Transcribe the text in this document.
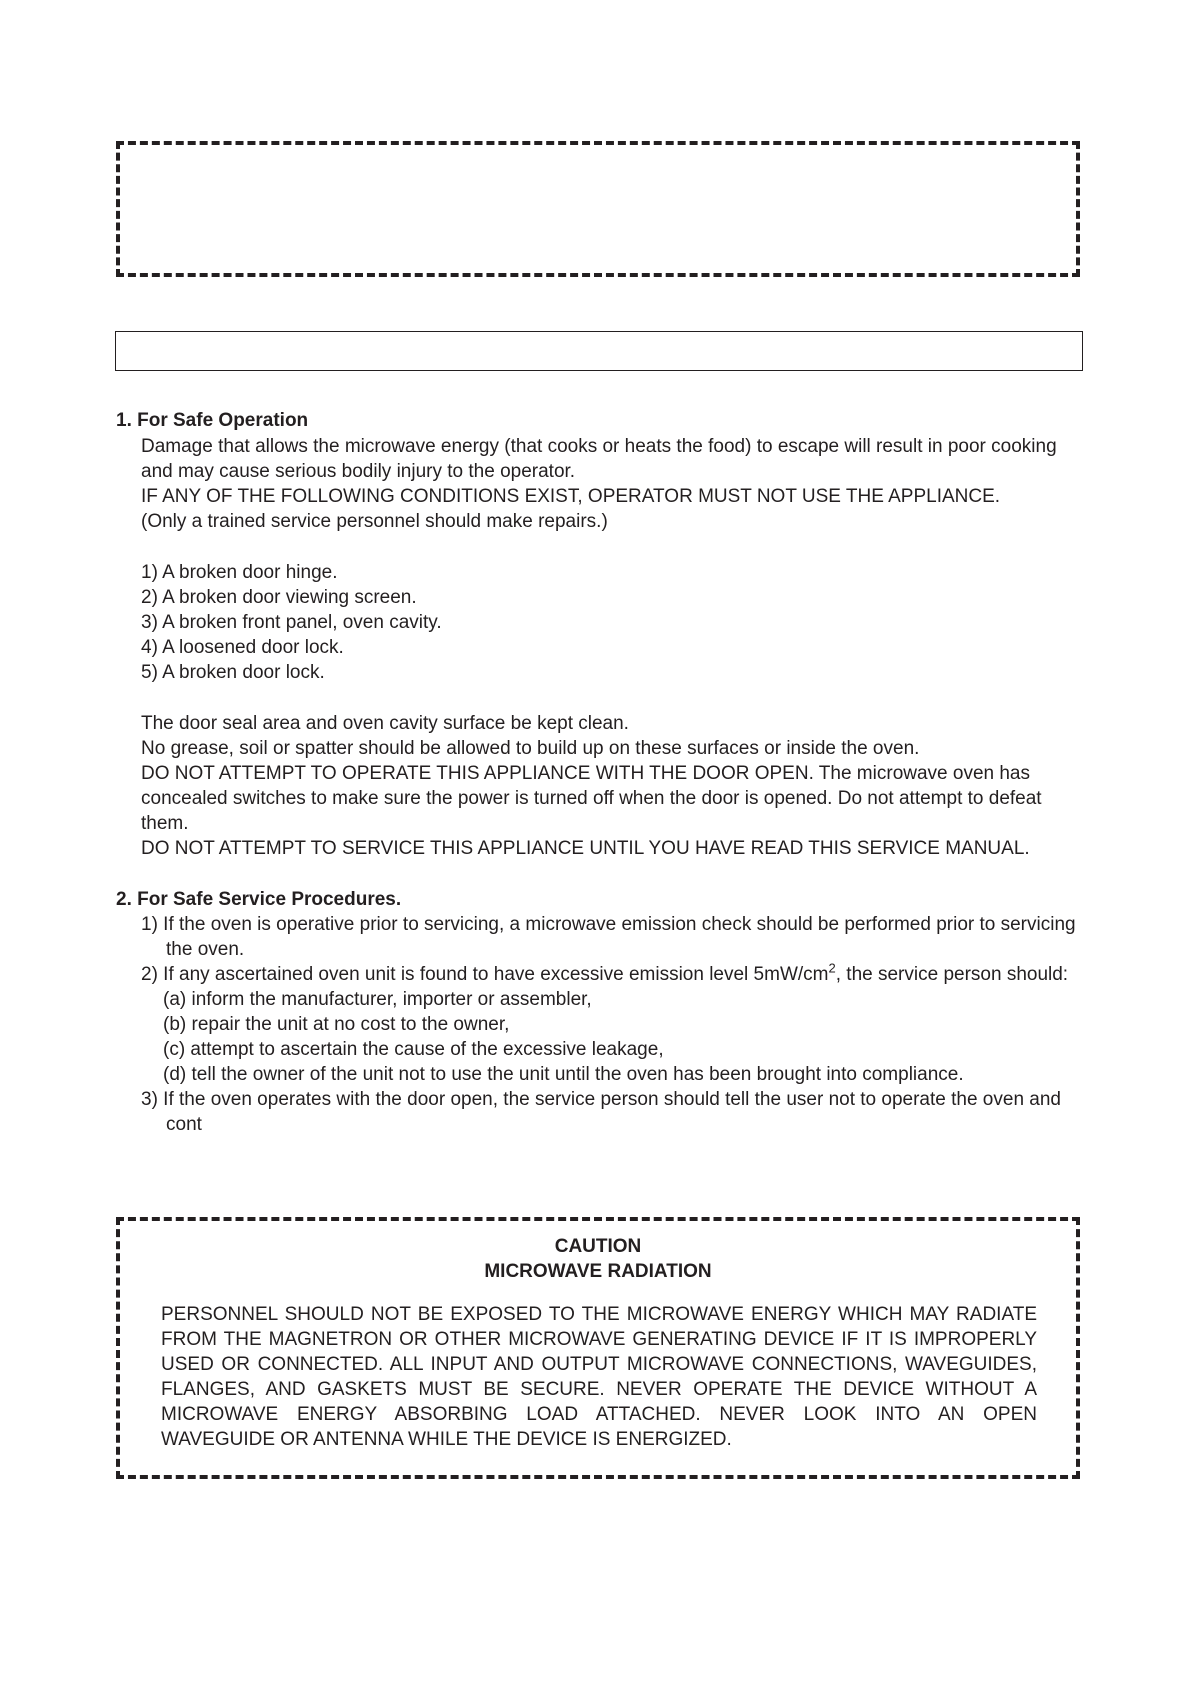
1. For Safe Operation
Damage that allows the microwave energy (that cooks or heats the food) to escape will result in poor cooking
and may cause serious bodily injury to the operator.
IF ANY OF THE FOLLOWING CONDITIONS EXIST, OPERATOR MUST NOT USE THE APPLIANCE.
(Only a trained service personnel should make repairs.)
1) A broken door hinge.
2) A broken door viewing screen.
3) A broken front panel, oven cavity.
4) A loosened door lock.
5) A broken door lock.
The door seal area and oven cavity surface be kept clean.
No grease, soil or spatter should be allowed to build up on these surfaces or inside the oven.
DO NOT ATTEMPT TO OPERATE THIS APPLIANCE WITH THE DOOR OPEN. The microwave oven has
concealed switches to make sure the power is turned off when the door is opened. Do not attempt to defeat
them.
DO NOT ATTEMPT TO SERVICE THIS APPLIANCE UNTIL YOU HAVE READ THIS SERVICE MANUAL.
2. For Safe Service Procedures.
1) If the oven is operative prior to servicing, a microwave emission check should be performed prior to servicing
the oven.
2) If any ascertained oven unit is found to have excessive emission level $5mW/cm^2$, the service person should:
(a) inform the manufacturer, importer or assembler,
(b) repair the unit at no cost to the owner,
(c) attempt to ascertain the cause of the excessive leakage,
(d) tell the owner of the unit not to use the unit until the oven has been brought into compliance.
3) If the oven operates with the door open, the service person should tell the user not to operate the oven and
cont
CAUTION
MICROWAVE RADIATION
PERSONNEL SHOULD NOT BE EXPOSED TO THE MICROWAVE ENERGY WHICH MAY RADIATE
FROM THE MAGNETRON OR OTHER MICROWAVE GENERATING DEVICE IF IT IS IMPROPERLY
USED OR CONNECTED. ALL INPUT AND OUTPUT MICROWAVE CONNECTIONS, WAVEGUIDES,
FLANGES, AND GASKETS MUST BE SECURE. NEVER OPERATE THE DEVICE WITHOUT A
MICROWAVE ENERGY ABSORBING LOAD ATTACHED. NEVER LOOK INTO AN OPEN
WAVEGUIDE OR ANTENNA WHILE THE DEVICE IS ENERGIZED.
